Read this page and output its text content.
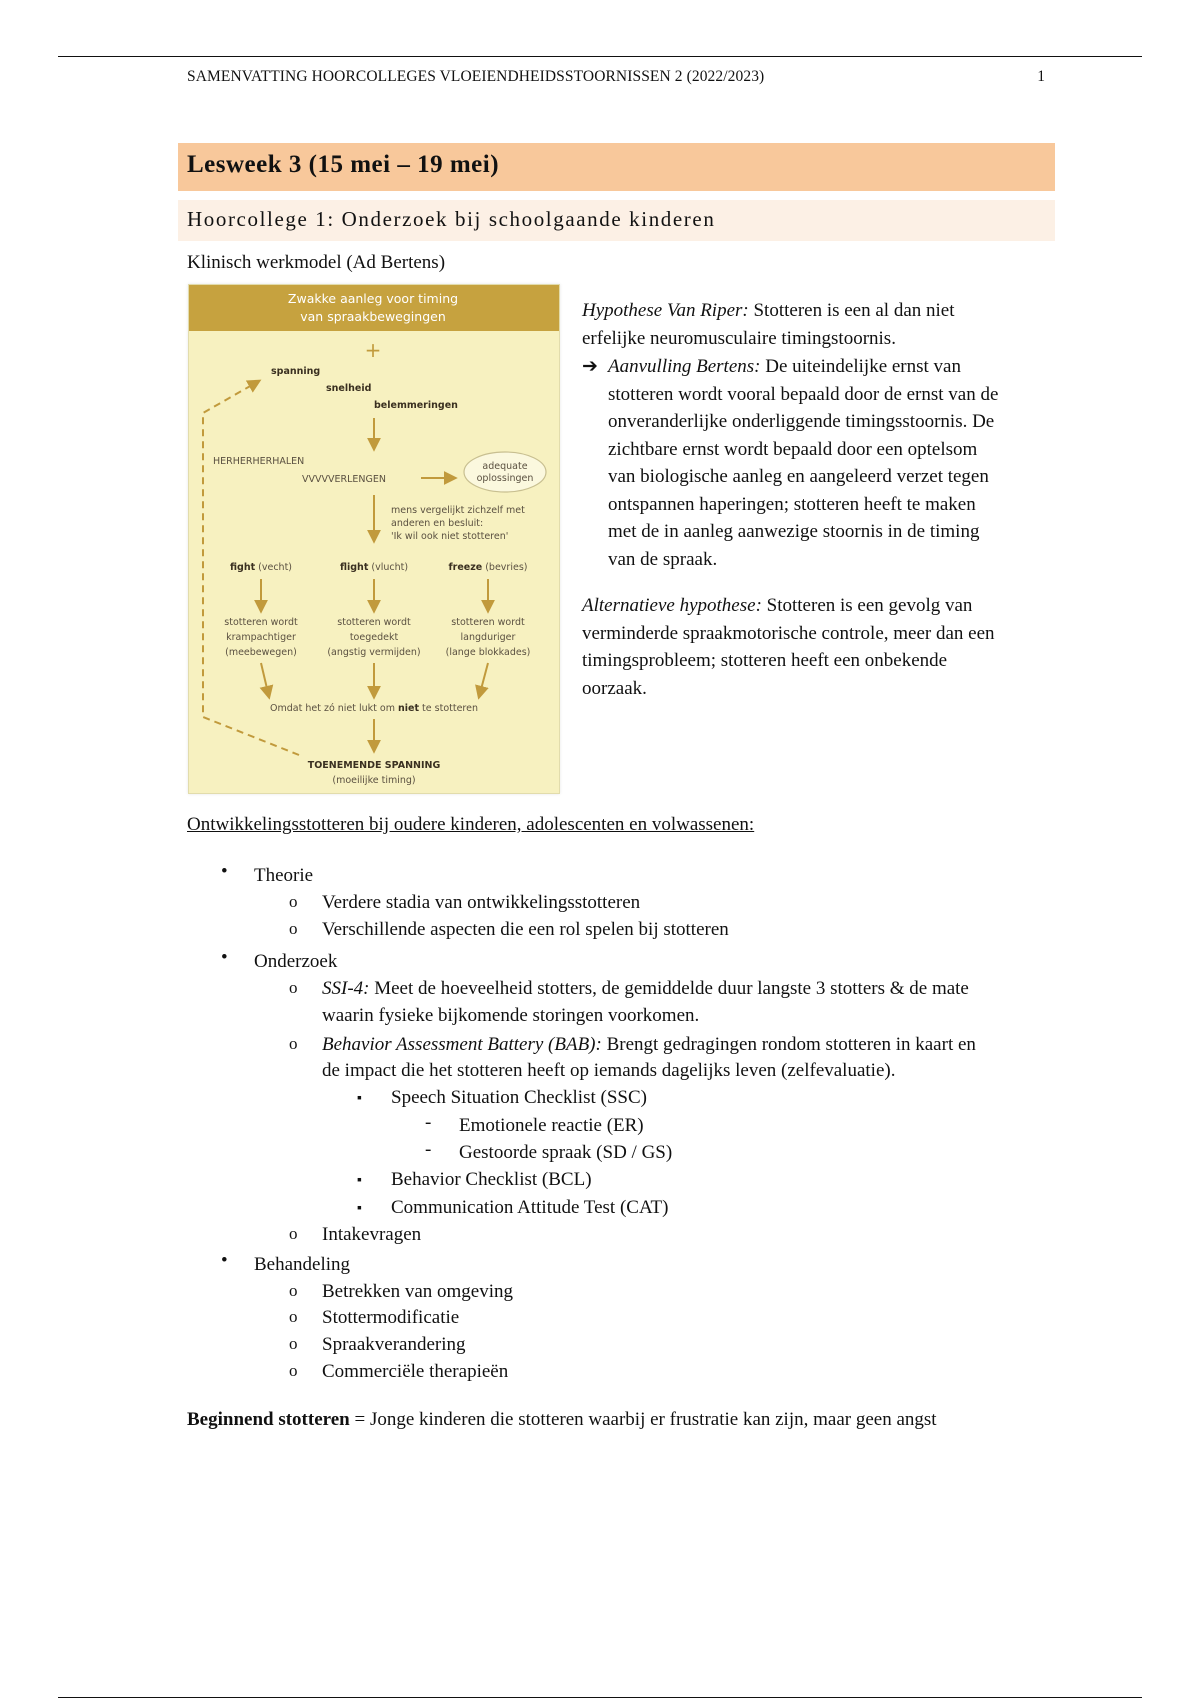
SAMENVATTING HOORCOLLEGES VLOEIENDHEIDSSTOORNISSEN 2 (2022/2023)	1
Lesweek 3 (15 mei – 19 mei)
Hoorcollege 1: Onderzoek bij schoolgaande kinderen
Klinisch werkmodel (Ad Bertens)
Zwakke aanleg voor timing
van spraakbewegingen
+
spanning
snelheid
belemmeringen
HERHERHERHALEN
VVVVVERLENGEN
adequate
oplossingen
mens vergelijkt zichzelf met
anderen en besluit:
'Ik wil ook niet stotteren'
fight (vecht)	flight (vlucht)	freeze (bevries)
stotteren wordt
krampachtiger
(meebewegen)
stotteren wordt
toegedekt
(angstig vermijden)
stotteren wordt
langduriger
(lange blokkades)
Omdat het zó niet lukt om niet te stotteren
TOENEMENDE SPANNING
(moeilijke timing)
Hypothese Van Riper: Stotteren is een al dan niet
erfelijke neuromusculaire timingstoornis.
➔ Aanvulling Bertens: De uiteindelijke ernst van
stotteren wordt vooral bepaald door de ernst van de
onveranderlijke onderliggende timingsstoornis. De
zichtbare ernst wordt bepaald door een optelsom
van biologische aanleg en aangeleerd verzet tegen
ontspannen haperingen; stotteren heeft te maken
met de in aanleg aanwezige stoornis in de timing
van de spraak.
Alternatieve hypothese: Stotteren is een gevolg van
verminderde spraakmotorische controle, meer dan een
timingsprobleem; stotteren heeft een onbekende
oorzaak.
Ontwikkelingsstotteren bij oudere kinderen, adolescenten en volwassenen:
• Theorie
o Verdere stadia van ontwikkelingsstotteren
o Verschillende aspecten die een rol spelen bij stotteren
• Onderzoek
o SSI-4: Meet de hoeveelheid stotters, de gemiddelde duur langste 3 stotters & de mate
waarin fysieke bijkomende storingen voorkomen.
o Behavior Assessment Battery (BAB): Brengt gedragingen rondom stotteren in kaart en
de impact die het stotteren heeft op iemands dagelijks leven (zelfevaluatie).
▪ Speech Situation Checklist (SSC)
- Emotionele reactie (ER)
- Gestoorde spraak (SD / GS)
▪ Behavior Checklist (BCL)
▪ Communication Attitude Test (CAT)
o Intakevragen
• Behandeling
o Betrekken van omgeving
o Stottermodificatie
o Spraakverandering
o Commerciële therapieën
Beginnend stotteren = Jonge kinderen die stotteren waarbij er frustratie kan zijn, maar geen angst
